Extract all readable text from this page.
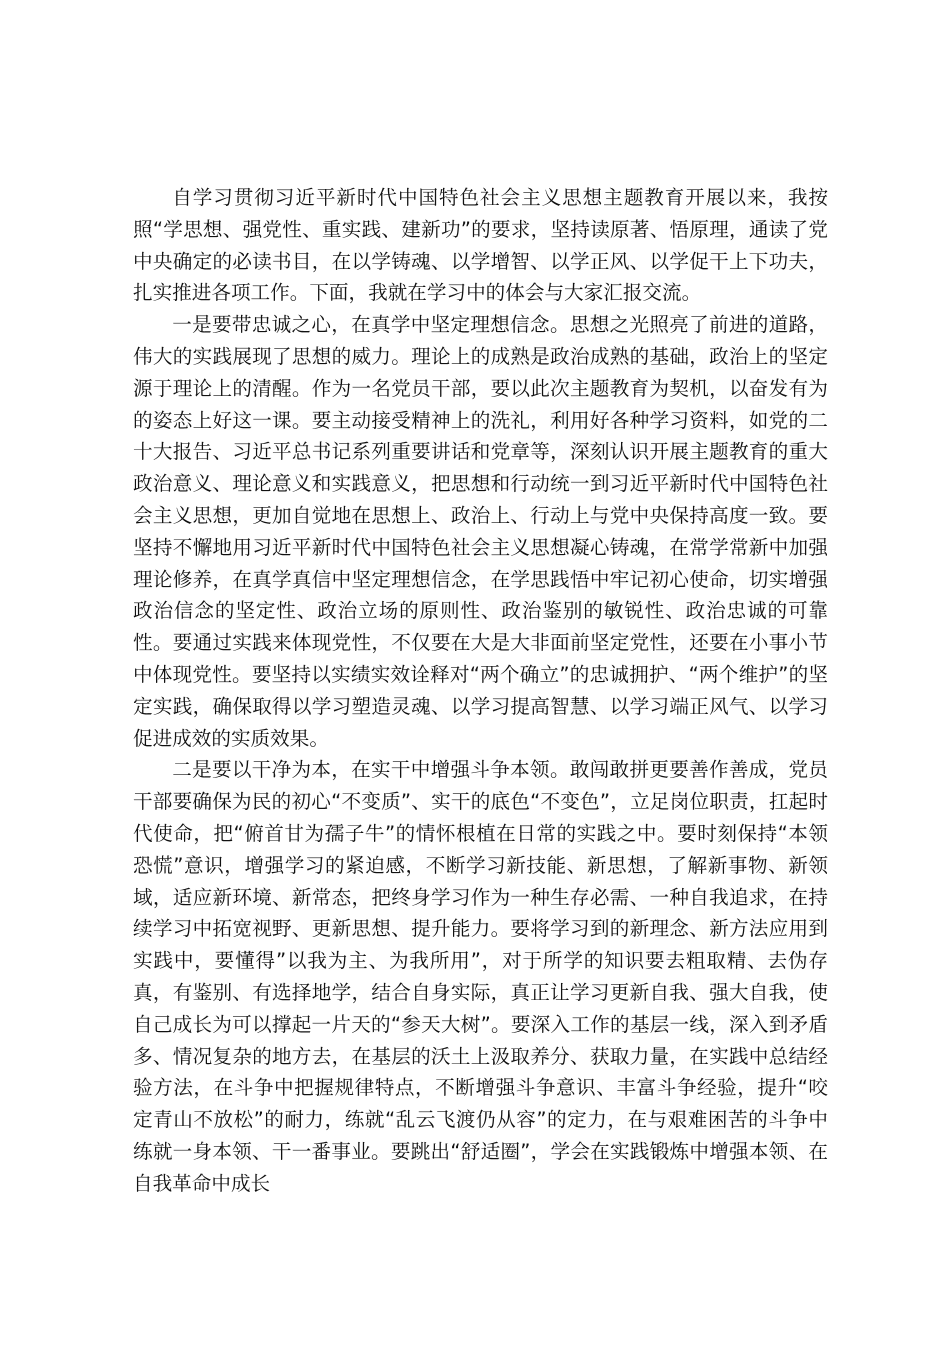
自学习贯彻习近平新时代中国特色社会主义思想主题教育开展以来，我按照“学思想、强党性、重实践、建新功”的要求，坚持读原著、悟原理，通读了党中央确定的必读书目，在以学铸魂、以学增智、以学正风、以学促干上下功夫，扎实推进各项工作。下面，我就在学习中的体会与大家汇报交流。

一是要带忠诚之心，在真学中坚定理想信念。思想之光照亮了前进的道路，伟大的实践展现了思想的威力。理论上的成熟是政治成熟的基础，政治上的坚定源于理论上的清醒。作为一名党员干部，要以此次主题教育为契机，以奋发有为的姿态上好这一课。要主动接受精神上的洗礼，利用好各种学习资料，如党的二十大报告、习近平总书记系列重要讲话和党章等，深刻认识开展主题教育的重大政治意义、理论意义和实践意义，把思想和行动统一到习近平新时代中国特色社会主义思想，更加自觉地在思想上、政治上、行动上与党中央保持高度一致。要坚持不懈地用习近平新时代中国特色社会主义思想凝心铸魂，在常学常新中加强理论修养，在真学真信中坚定理想信念，在学思践悟中牢记初心使命，切实增强政治信念的坚定性、政治立场的原则性、政治鉴别的敏锐性、政治忠诚的可靠性。要通过实践来体现党性，不仅要在大是大非面前坚定党性，还要在小事小节中体现党性。要坚持以实绩实效诠释对“两个确立”的忠诚拥护、“两个维护”的坚定实践，确保取得以学习塑造灵魂、以学习提高智慧、以学习端正风气、以学习促进成效的实质效果。

二是要以干净为本，在实干中增强斗争本领。敢闯敢拼更要善作善成，党员干部要确保为民的初心“不变质”、实干的底色“不变色”，立足岗位职责，扛起时代使命，把“俯首甘为孺子牛”的情怀根植在日常的实践之中。要时刻保持“本领恐慌”意识，增强学习的紧迫感，不断学习新技能、新思想，了解新事物、新领域，适应新环境、新常态，把终身学习作为一种生存必需、一种自我追求，在持续学习中拓宽视野、更新思想、提升能力。要将学习到的新理念、新方法应用到实践中，要懂得”以我为主、为我所用”，对于所学的知识要去粗取精、去伪存真，有鉴别、有选择地学，结合自身实际，真正让学习更新自我、强大自我，使自己成长为可以撑起一片天的“参天大树”。要深入工作的基层一线，深入到矛盾多、情况复杂的地方去，在基层的沃土上汲取养分、获取力量，在实践中总结经验方法，在斗争中把握规律特点，不断增强斗争意识、丰富斗争经验，提升“咬定青山不放松”的耐力，练就“乱云飞渡仍从容”的定力，在与艰难困苦的斗争中练就一身本领、干一番事业。要跳出“舒适圈”，学会在实践锻炼中增强本领、在自我革命中成长
